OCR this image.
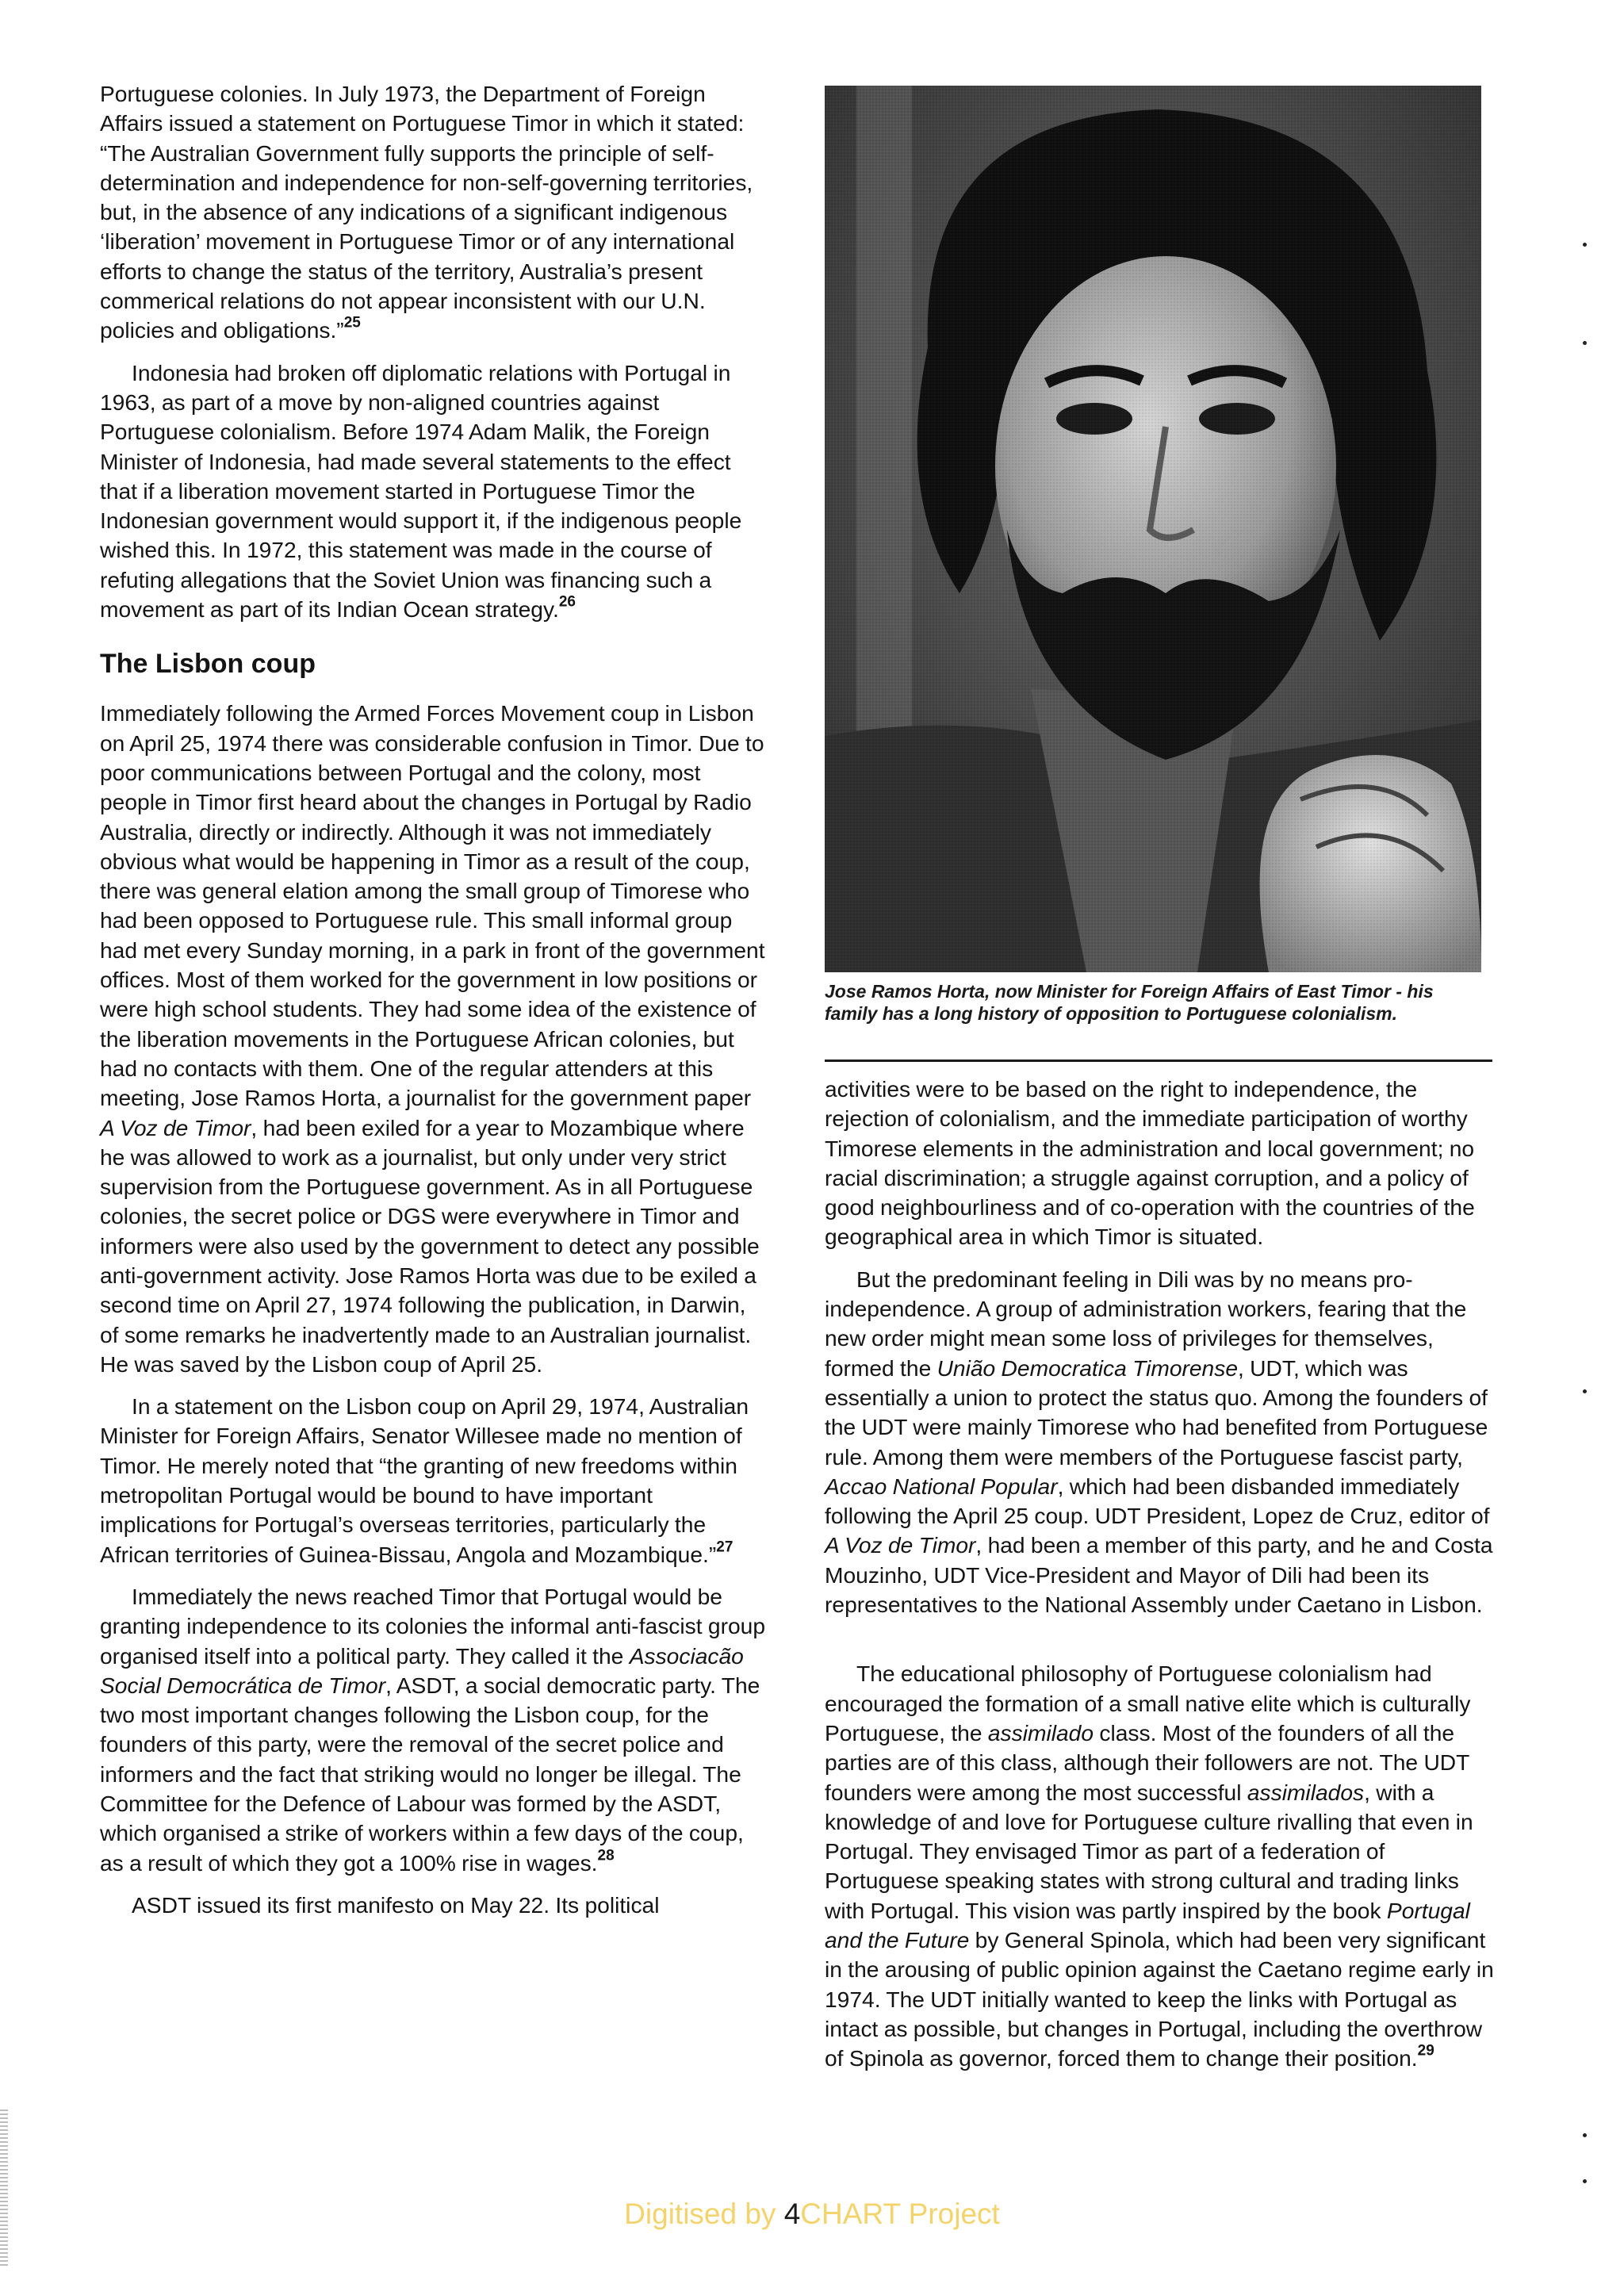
Portuguese colonies. In July 1973, the Department of Foreign Affairs issued a statement on Portuguese Timor in which it stated: “The Australian Government fully supports the principle of self-determination and independence for non-self-governing territories, but, in the absence of any indications of a significant indigenous ‘liberation’ movement in Portuguese Timor or of any international efforts to change the status of the territory, Australia’s present commerical relations do not appear inconsistent with our U.N. policies and obligations.”$^{25}$

Indonesia had broken off diplomatic relations with Portugal in 1963, as part of a move by non-aligned countries against Portuguese colonialism. Before 1974 Adam Malik, the Foreign Minister of Indonesia, had made several statements to the effect that if a liberation movement started in Portuguese Timor the Indonesian government would support it, if the indigenous people wished this. In 1972, this statement was made in the course of refuting allegations that the Soviet Union was financing such a movement as part of its Indian Ocean strategy.$^{26}$

The Lisbon coup

Immediately following the Armed Forces Movement coup in Lisbon on April 25, 1974 there was considerable confusion in Timor. Due to poor communications between Portugal and the colony, most people in Timor first heard about the changes in Portugal by Radio Australia, directly or indirectly. Although it was not immediately obvious what would be happening in Timor as a result of the coup, there was general elation among the small group of Timorese who had been opposed to Portuguese rule. This small informal group had met every Sunday morning, in a park in front of the government offices. Most of them worked for the government in low positions or were high school students. They had some idea of the existence of the liberation movements in the Portuguese African colonies, but had no contacts with them. One of the regular attenders at this meeting, Jose Ramos Horta, a journalist for the government paper A Voz de Timor, had been exiled for a year to Mozambique where he was allowed to work as a journalist, but only under very strict supervision from the Portuguese government. As in all Portuguese colonies, the secret police or DGS were everywhere in Timor and informers were also used by the government to detect any possible anti-government activity. Jose Ramos Horta was due to be exiled a second time on April 27, 1974 following the publication, in Darwin, of some remarks he inadvertently made to an Australian journalist. He was saved by the Lisbon coup of April 25.

In a statement on the Lisbon coup on April 29, 1974, Australian Minister for Foreign Affairs, Senator Willesee made no mention of Timor. He merely noted that “the granting of new freedoms within metropolitan Portugal would be bound to have important implications for Portugal’s overseas territories, particularly the African territories of Guinea-Bissau, Angola and Mozambique.”$^{27}$

Immediately the news reached Timor that Portugal would be granting independence to its colonies the informal anti-fascist group organised itself into a political party. They called it the Associacão Social Democrática de Timor, ASDT, a social democratic party. The two most important changes following the Lisbon coup, for the founders of this party, were the removal of the secret police and informers and the fact that striking would no longer be illegal. The Committee for the Defence of Labour was formed by the ASDT, which organised a strike of workers within a few days of the coup, as a result of which they got a 100% rise in wages.$^{28}$

ASDT issued its first manifesto on May 22. Its political

Jose Ramos Horta, now Minister for Foreign Affairs of East Timor - his family has a long history of opposition to Portuguese colonialism.

activities were to be based on the right to independence, the rejection of colonialism, and the immediate participation of worthy Timorese elements in the administration and local government; no racial discrimination; a struggle against corruption, and a policy of good neighbourliness and of co-operation with the countries of the geographical area in which Timor is situated.

But the predominant feeling in Dili was by no means pro-independence. A group of administration workers, fearing that the new order might mean some loss of privileges for themselves, formed the União Democratica Timorense, UDT, which was essentially a union to protect the status quo. Among the founders of the UDT were mainly Timorese who had benefited from Portuguese rule. Among them were members of the Portuguese fascist party, Accao National Popular, which had been disbanded immediately following the April 25 coup. UDT President, Lopez de Cruz, editor of A Voz de Timor, had been a member of this party, and he and Costa Mouzinho, UDT Vice-President and Mayor of Dili had been its representatives to the National Assembly under Caetano in Lisbon.

The educational philosophy of Portuguese colonialism had encouraged the formation of a small native elite which is culturally Portuguese, the assimilado class. Most of the founders of all the parties are of this class, although their followers are not. The UDT founders were among the most successful assimilados, with a knowledge of and love for Portuguese culture rivalling that even in Portugal. They envisaged Timor as part of a federation of Portuguese speaking states with strong cultural and trading links with Portugal. This vision was partly inspired by the book Portugal and the Future by General Spinola, which had been very significant in the arousing of public opinion against the Caetano regime early in 1974. The UDT initially wanted to keep the links with Portugal as intact as possible, but changes in Portugal, including the overthrow of Spinola as governor, forced them to change their position.$^{29}$

Digitised by 4CHART Project
